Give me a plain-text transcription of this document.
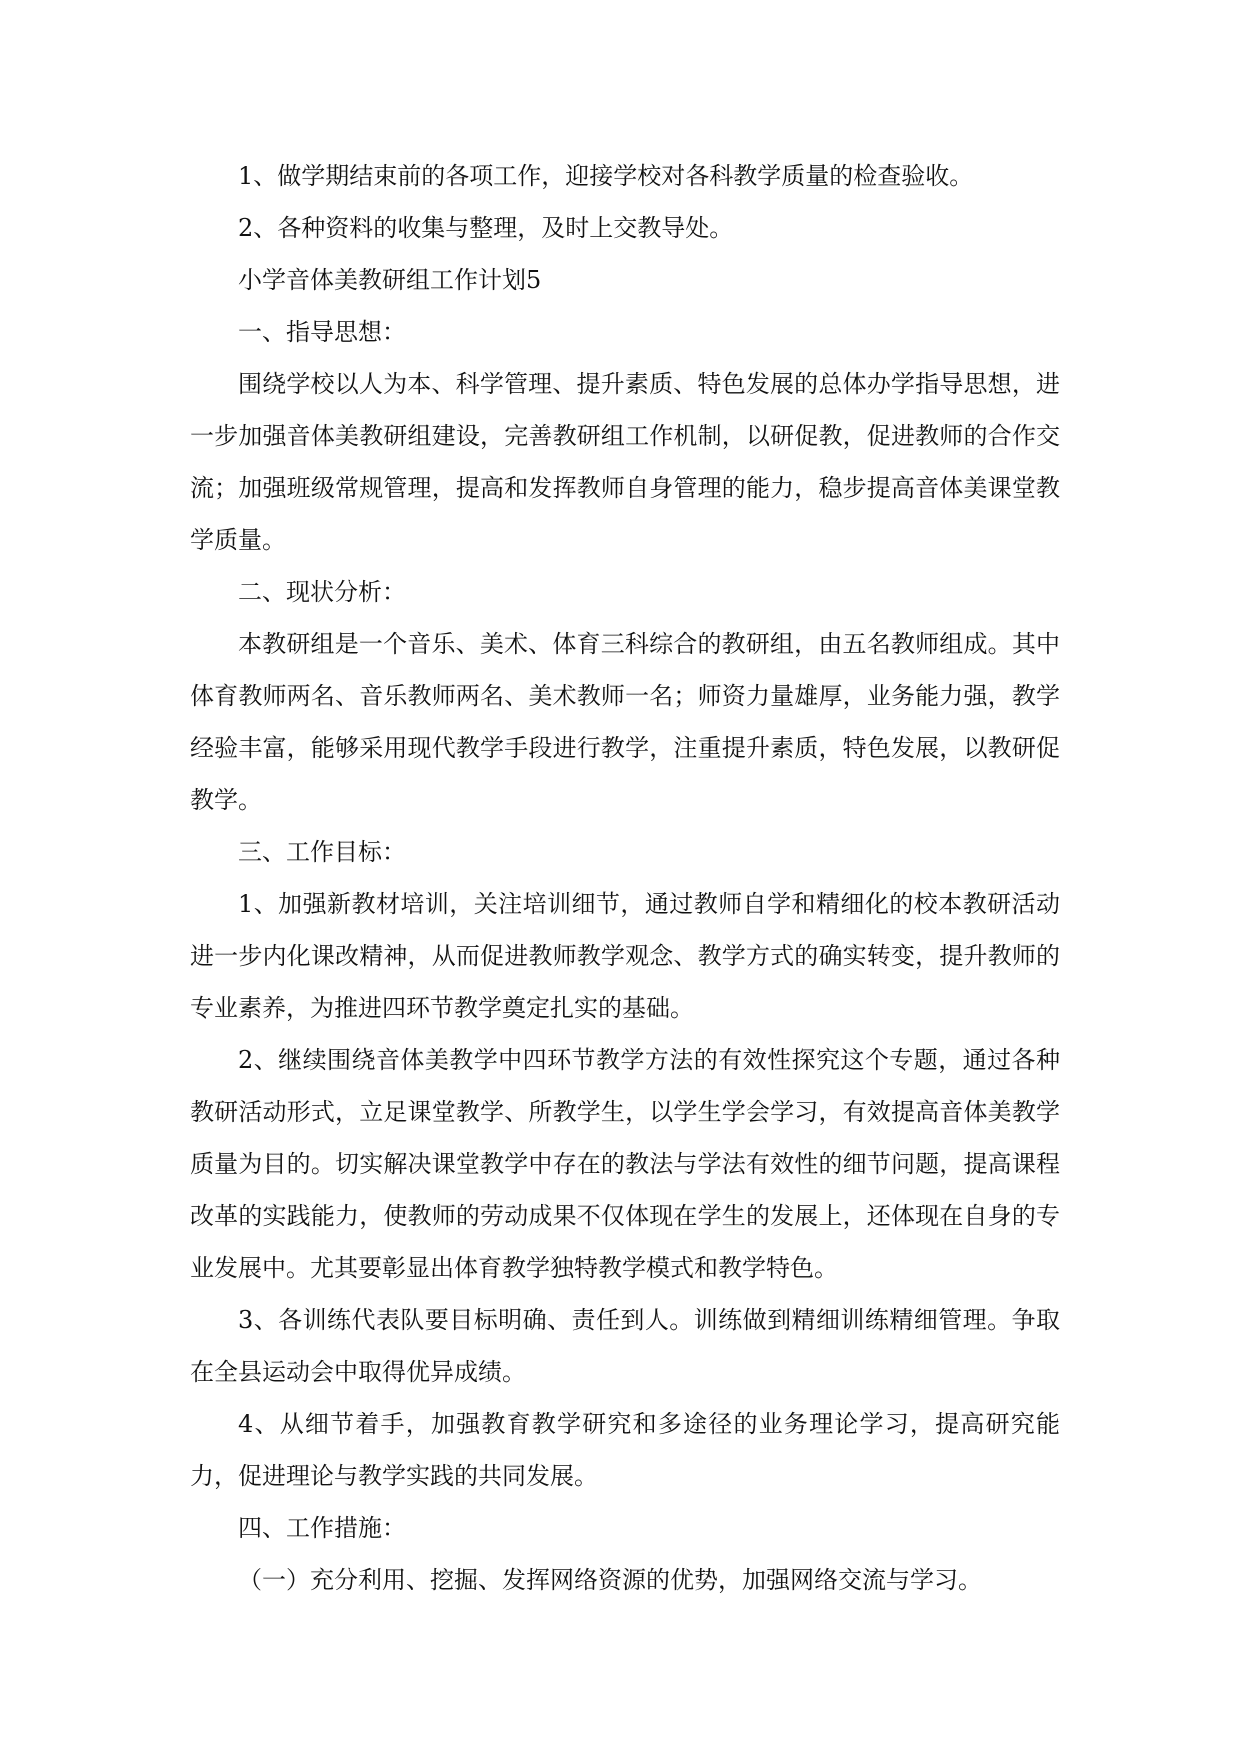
1、做学期结束前的各项工作，迎接学校对各科教学质量的检查验收。

2、各种资料的收集与整理，及时上交教导处。

小学音体美教研组工作计划5

一、指导思想：

围绕学校以人为本、科学管理、提升素质、特色发展的总体办学指导思想，进一步加强音体美教研组建设，完善教研组工作机制，以研促教，促进教师的合作交流；加强班级常规管理，提高和发挥教师自身管理的能力，稳步提高音体美课堂教学质量。

二、现状分析：

本教研组是一个音乐、美术、体育三科综合的教研组，由五名教师组成。其中体育教师两名、音乐教师两名、美术教师一名；师资力量雄厚，业务能力强，教学经验丰富，能够采用现代教学手段进行教学，注重提升素质，特色发展，以教研促教学。

三、工作目标：

1、加强新教材培训，关注培训细节，通过教师自学和精细化的校本教研活动进一步内化课改精神，从而促进教师教学观念、教学方式的确实转变，提升教师的专业素养，为推进四环节教学奠定扎实的基础。

2、继续围绕音体美教学中四环节教学方法的有效性探究这个专题，通过各种教研活动形式，立足课堂教学、所教学生，以学生学会学习，有效提高音体美教学质量为目的。切实解决课堂教学中存在的教法与学法有效性的细节问题，提高课程改革的实践能力，使教师的劳动成果不仅体现在学生的发展上，还体现在自身的专业发展中。尤其要彰显出体育教学独特教学模式和教学特色。

3、各训练代表队要目标明确、责任到人。训练做到精细训练精细管理。争取在全县运动会中取得优异成绩。

4、从细节着手，加强教育教学研究和多途径的业务理论学习，提高研究能力，促进理论与教学实践的共同发展。

四、工作措施：

（一）充分利用、挖掘、发挥网络资源的优势，加强网络交流与学习。
